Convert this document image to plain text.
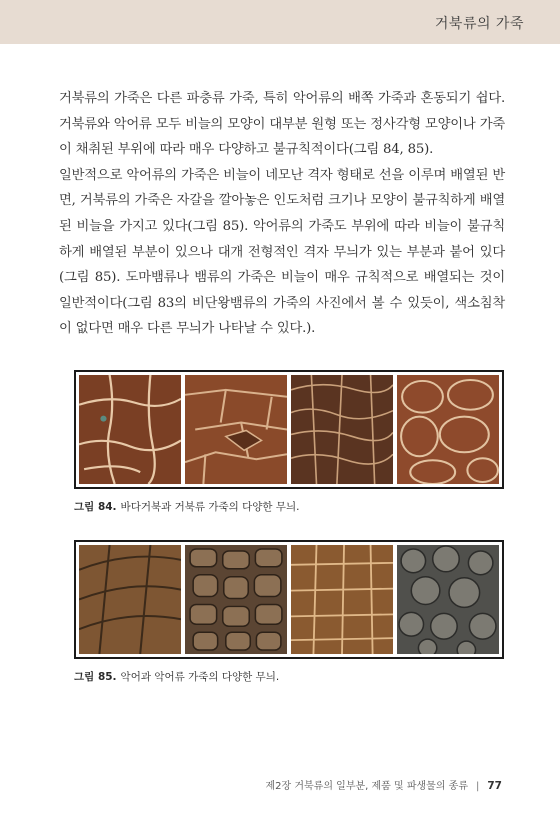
거북류의 가죽

거북류의 가죽은 다른 파충류 가죽, 특히 악어류의 배쪽 가죽과 혼동되기 쉽다. 거북류와 악어류 모두 비늘의 모양이 대부분 원형 또는 정사각형 모양이나 가죽이 채취된 부위에 따라 매우 다양하고 불규칙적이다(그림 84, 85).

일반적으로 악어류의 가죽은 비늘이 네모난 격자 형태로 선을 이루며 배열된 반면, 거북류의 가죽은 자갈을 깔아놓은 인도처럼 크기나 모양이 불규칙하게 배열된 비늘을 가지고 있다(그림 85). 악어류의 가죽도 부위에 따라 비늘이 불규칙하게 배열된 부분이 있으나 대개 전형적인 격자 무늬가 있는 부분과 붙어 있다(그림 85). 도마뱀류나 뱀류의 가죽은 비늘이 매우 규칙적으로 배열되는 것이 일반적이다(그림 83의 비단왕뱀류의 가죽의 사진에서 볼 수 있듯이, 색소침착이 없다면 매우 다른 무늬가 나타날 수 있다.).

그림 84. 바다거북과 거북류 가죽의 다양한 무늬.
그림 85. 악어과 악어류 가죽의 다양한 무늬.
제2장 거북류의 일부분, 제품 및 파생물의 종류 | 77
